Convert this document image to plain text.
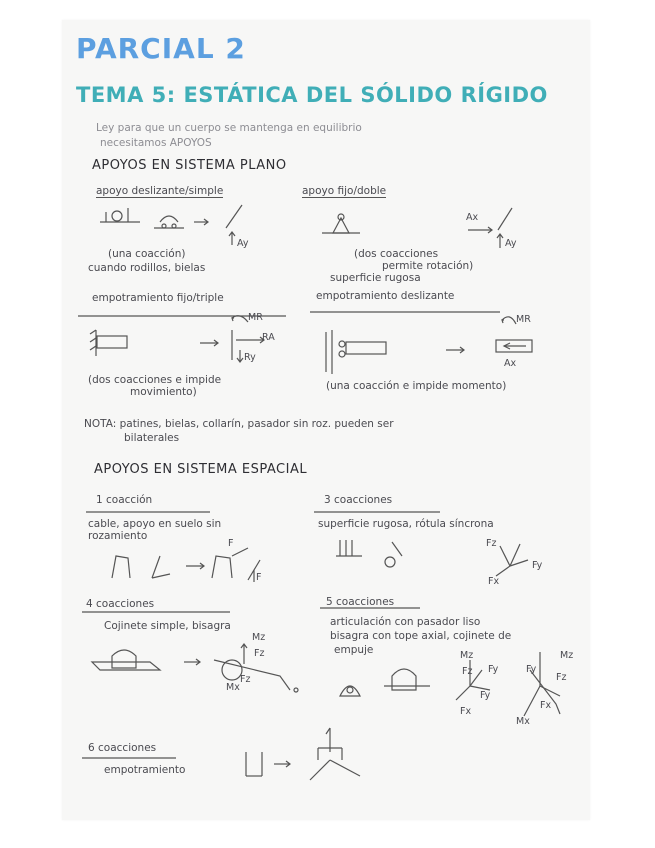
PARCIAL 2
TEMA 5: ESTÁTICA DEL SÓLIDO RÍGIDO
Ley para que un cuerpo se mantenga en equilibrio
necesitamos APOYOS
APOYOS EN SISTEMA PLANO
apoyo deslizante/simple	apoyo fijo/doble
Ay
Ax
Ay
(una coacción)
cuando rodillos, bielas
(dos coacciones
permite rotación)
superficie rugosa
empotramiento fijo/triple	empotramiento deslizante
MR
RA
Ry
MR
Ax
(dos coacciones e impide
movimiento)	(una coacción e impide momento)
NOTA: patines, bielas, collarín, pasador sin roz. pueden ser
bilaterales
APOYOS EN SISTEMA ESPACIAL
1 coacción	3 coacciones
cable, apoyo en suelo sin
rozamiento
superficie rugosa, rótula síncrona
F
F
Fz
Fy
Fx
4 coacciones	5 coacciones
Cojinete simple, bisagra	articulación con pasador liso
bisagra con tope axial, cojinete de
empuje
Mz
Fz
Fz
Mx
Mz
Fz Fy
Fy
Fx
Mz
Fy
Fz
Fx
Mx
6 coacciones
empotramiento
